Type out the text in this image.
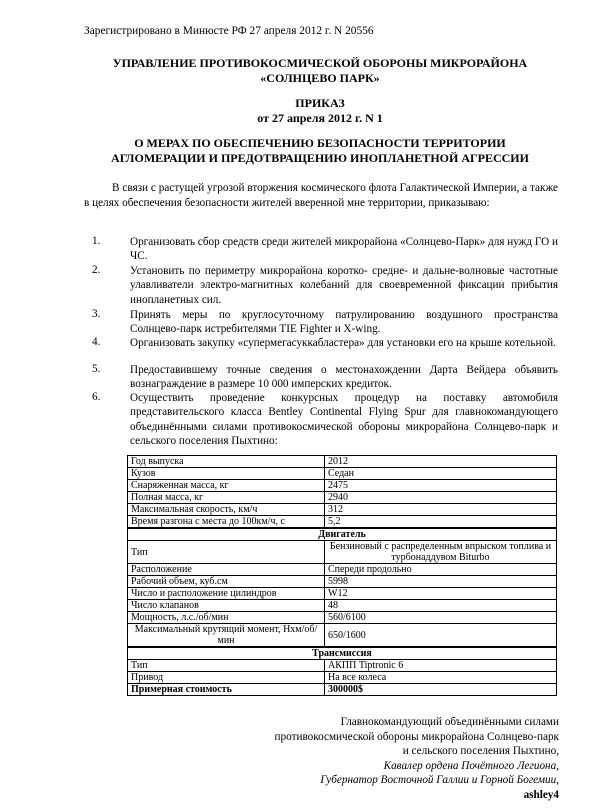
Зарегистрировано в Минюсте РФ 27 апреля 2012 г. N 20556
УПРАВЛЕНИЕ ПРОТИВОКОСМИЧЕСКОЙ ОБОРОНЫ МИКРОРАЙОНА
«СОЛНЦЕВО ПАРК»
ПРИКАЗ
от 27 апреля 2012 г. N 1
О МЕРАХ ПО ОБЕСПЕЧЕНИЮ БЕЗОПАСНОСТИ ТЕРРИТОРИИ
АГЛОМЕРАЦИИ И ПРЕДОТВРАЩЕНИЮ ИНОПЛАНЕТНОЙ АГРЕССИИ
В связи с растущей угрозой вторжения космического флота Галактической Империи, а также в целях обеспечения безопасности жителей вверенной мне территории, приказываю:
1.	Организовать сбор средств среди жителей микрорайона «Солнцево-Парк» для нужд ГО и ЧС.
2.	Установить по периметру микрорайона коротко- средне- и дальне-волновые частотные улавливатели электро-магнитных колебаний для своевременной фиксации прибытия инопланетных сил.
3.	Принять меры по круглосуточному патрулированию воздушного пространства Солнцево-парк истребителями TIE Fighter и X-wing.
4.	Организовать закупку «супермегасуккабластера» для установки его на крыше котельной.
5.	Предоставившему точные сведения о местонахождении Дарта Вейдера объявить вознаграждение в размере 10 000 имперских кредиток.
6.	Осуществить проведение конкурсных процедур на поставку автомобиля представительского класса Bentley Continental Flying Spur для главнокомандующего объединёнными силами противокосмической обороны микрорайона Солнцево-парк и сельского поселения Пыхтино:
Год выпуска	2012
Кузов	Седан
Снаряженная масса, кг	2475
Полная масса, кг	2940
Максимальная скорость, км/ч	312
Время разгона с места до 100км/ч, с	5,2
Двигатель	
Тип	Бензиновый с распределенным впрыском топлива и турбонаддувом Biturbo
Расположение	Спереди продольно
Рабочий объем, куб.см	5998
Число и расположение цилиндров	W12
Число клапанов	48
Мощность, л.с./об/мин	560/6100
Максимальный крутящий момент, Нхм/об/мин	650/1600
Трансмиссия	
Тип	АКПП Tiptronic 6
Привод	На все колеса
Примерная стоимость	300000$
Главнокомандующий объединёнными силами
противокосмической обороны микрорайона Солнцево-парк
и сельского поселения Пыхтино,
Кавалер ордена Почётного Легиона,
Губернатор Восточной Галлии и Горной Богемии,
ashley4
